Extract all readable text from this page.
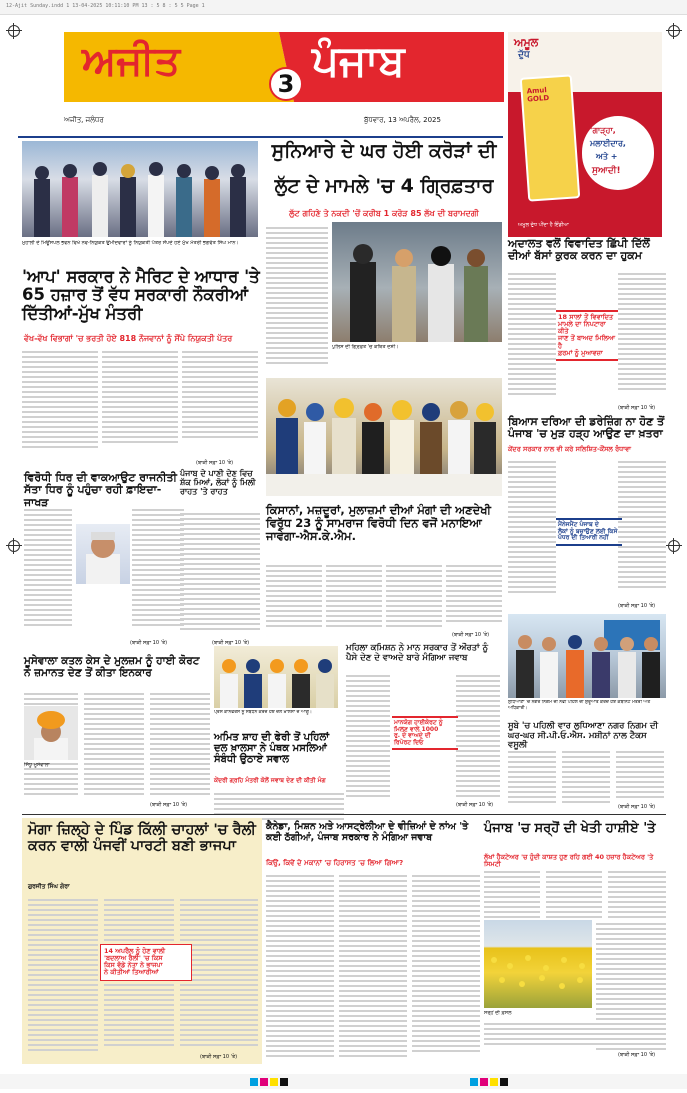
12-Ajit Sunday.indd 1 13-04-2025 10:11:10 PM 13 : 5 8 : 5 5 Page 1
ਅਜੀਤ	ਪੰਜਾਬ
3
ਅਜੀਤ, ਜਲੰਧਰ	ਬੁੱਧਵਾਰ, 13 ਅਪਰੈਲ, 2025
ਅਮੂਲ
ਦੁੱਧ
Amul GOLD
'ਗਾੜ੍ਹਾ,
ਮਲਾਈਦਾਰ,
ਅਤੇ +
ਸੁਆਦੀ!
ਅਮੂਲ ਦੁੱਧ ਪੀਂਦਾ ਹੈ ਇੰਡੀਆ
ਮੁਹਾਲੀ ਦੇ ਮਿਊਂਸਪਲ ਭਵਨ ਵਿਖੇ ਨਵ-ਨਿਯੁਕਤ ਉਮੀਦਵਾਰਾਂ ਨੂੰ ਨਿਯੁਕਤੀ ਪੱਤਰ ਸੌਂਪਦੇ ਹੋਏ ਮੁੱਖ ਮੰਤਰੀ ਭਗਵੰਤ ਸਿੰਘ ਮਾਨ।
'ਆਪ' ਸਰਕਾਰ ਨੇ ਮੈਰਿਟ ਦੇ ਆਧਾਰ 'ਤੇ 65 ਹਜ਼ਾਰ ਤੋਂ ਵੱਧ ਸਰਕਾਰੀ ਨੌਕਰੀਆਂ ਦਿੱਤੀਆਂ-ਮੁੱਖ ਮੰਤਰੀ
ਵੱਖ-ਵੱਖ ਵਿਭਾਗਾਂ 'ਚ ਭਰਤੀ ਹੋਏ 818 ਨੌਜਵਾਨਾਂ ਨੂੰ ਸੌਂਪੇ ਨਿਯੁਕਤੀ ਪੱਤਰ
(ਬਾਕੀ ਸਫ਼ਾ 10 'ਤੇ)
ਸੁਨਿਆਰੇ ਦੇ ਘਰ ਹੋਈ ਕਰੋੜਾਂ ਦੀ
ਲੁੱਟ ਦੇ ਮਾਮਲੇ 'ਚ 4 ਗ੍ਰਿਫ਼ਤਾਰ
ਲੁੱਟ ਗਹਿਣੇ ਤੇ ਨਕਦੀ 'ਚੋਂ ਕਰੀਬ 1 ਕਰੋੜ 85 ਲੱਖ ਦੀ ਬਰਾਮਦਗੀ
ਪੁਲਿਸ ਦੀ ਗ੍ਰਿਫ਼ਤ 'ਚ ਕਥਿਤ ਦੋਸ਼ੀ।
ਅਦਾਲਤ ਵਲੋਂ ਵਿਵਾਦਿਤ ਛਿੱਪੀ ਦਿੱਲੋਂ ਦੀਆਂ ਬੱਸਾਂ ਕੁਰਕ ਕਰਨ ਦਾ ਹੁਕਮ
18 ਸਾਲਾਂ ਤੋਂ ਵਿਵਾਦਿਤ
ਮਾਮਲੇ ਦਾ ਨਿਪਟਾਰਾ ਕੀਤੇ
ਜਾਣ ਤੋਂ ਬਾਅਦ ਮਿਲਿਆ ਹੈ
ਫ਼ਰਮਾਂ ਨੂੰ ਮੁਆਵਜ਼ਾ
(ਬਾਕੀ ਸਫ਼ਾ 10 'ਤੇ)
ਬਿਆਸ ਦਰਿਆ ਦੀ ਡਰੇਜ਼ਿੰਗ ਨਾ ਹੋਣ ਤੋਂ ਪੰਜਾਬ 'ਚ ਮੁੜ ਹੜ੍ਹ ਆਉਣ ਦਾ ਖ਼ਤਰਾ
ਕੇਂਦਰ ਸਰਕਾਰ ਨਾਲ ਵੀ ਕਰੇ ਸਲਿਸ਼ਿਤ-ਕੌਂਸਲ ਰੰਧਾਵਾ
ਮੈਂਨੇਜਮੈਂਟ ਪੰਜਾਬ ਦੇ
ਲੋਕਾਂ ਨੂੰ ਬਚਾਉਣ ਲਈ ਕਿਸੇ
ਪੱਧਰ ਦੀ ਤਿਆਰੀ ਨਹੀਂ
(ਬਾਕੀ ਸਫ਼ਾ 10 'ਤੇ)
ਵਿਰੋਧੀ ਧਿਰ ਦੀ ਵਾਕਆਉਟ ਰਾਜਨੀਤੀ ਸੱਤਾ ਧਿਰ ਨੂੰ ਪਹੁੰਚਾ ਰਹੀ ਫ਼ਾਇਦਾ-ਜਾਖੜ
(ਬਾਕੀ ਸਫ਼ਾ 10 'ਤੇ)
ਪੰਜਾਬ ਦੇ ਪਾਣੀ ਦੇਣ ਵਿਚ ਸ਼ੱਕ ਮਿਆਂ, ਲੋਕਾਂ ਨੂੰ ਮਿਲੀ ਰਾਹਤ 'ਤੇ ਰਾਹਤ
(ਬਾਕੀ ਸਫ਼ਾ 10 'ਤੇ)
ਕਿਸਾਨਾਂ, ਮਜ਼ਦੂਰਾਂ, ਮੁਲਾਜ਼ਮਾਂ ਦੀਆਂ ਮੰਗਾਂ ਦੀ ਅਣਦੇਖੀ ਵਿਰੁੱਧ 23 ਨੂੰ ਸਾਮਰਾਜ ਵਿਰੋਧੀ ਦਿਨ ਵਜੋਂ ਮਨਾਇਆ ਜਾਵੇਗਾ-ਐਸ.ਕੇ.ਐਮ.
(ਬਾਕੀ ਸਫ਼ਾ 10 'ਤੇ)
ਮੂਸੇਵਾਲਾ ਕਤਲ ਕੇਸ ਦੇ ਮੁਲਜ਼ਮ ਨੂੰ ਹਾਈ ਕੋਰਟ ਨੇ ਜ਼ਮਾਨਤ ਦੇਣ ਤੋਂ ਕੀਤਾ ਇਨਕਾਰ
ਸਿੱਧੂ ਮੂਸੇਵਾਲਾ
(ਬਾਕੀ ਸਫ਼ਾ 10 'ਤੇ)
ਪ੍ਰੈਸ ਕਾਨਫਰੰਸ ਨੂੰ ਸੰਬੋਧਨ ਕਰਦੇ ਹੋਏ ਦਲ ਖ਼ਾਲਸਾ ਦੇ ਆਗੂ।
ਅਮਿਤ ਸ਼ਾਹ ਦੀ ਫੇਰੀ ਤੋਂ ਪਹਿਲਾਂ ਦਲ ਖ਼ਾਲਸਾ ਨੇ ਪੰਥਕ ਮਸਲਿਆਂ ਸੰਬੰਧੀ ਉਠਾਏ ਸਵਾਲ
ਕੇਂਦਰੀ ਗ੍ਰਹਿ ਮੰਤਰੀ ਕੋਲੋਂ ਜਵਾਬ ਦੇਣ ਦੀ ਕੀਤੀ ਮੰਗ
ਮਹਿਲਾ ਕਮਿਸ਼ਨ ਨੇ ਮਾਨ ਸਰਕਾਰ ਤੋਂ ਔਰਤਾਂ ਨੂੰ ਪੈਸੇ ਦੇਣ ਦੇ ਵਾਅਦੇ ਬਾਰੇ ਮੰਗਿਆ ਜਵਾਬ
ਮਾਨਯੋਗ ਹਾਈਕੋਰਟ ਨੂੰ
ਮਿਲਣ ਵਾਲੇ 1000
ਰੁ. ਦੇ ਵਾਅਦੇ ਦੀ
ਰਿਪੋਰਟ ਦਿਓ
(ਬਾਕੀ ਸਫ਼ਾ 10 'ਤੇ)
ਲੁਧਿਆਣਾ 'ਚ ਨਗਰ ਨਿਗਮ ਦੀ ਨਵੀਂ ਪਹਿਲ ਦੀ ਸ਼ੁਰੂਆਤ ਕਰਦੇ ਹੋਏ ਕੈਬਨਿਟ ਮੰਤਰੀ ਅਤੇ ਅਧਿਕਾਰੀ।
ਸੂਬੇ 'ਚ ਪਹਿਲੀ ਵਾਰ ਲੁਧਿਆਣਾ ਨਗਰ ਨਿਗਮ ਦੀ ਘਰ-ਘਰ ਸੀ.ਪੀ.ਓ.ਐਸ. ਮਸ਼ੀਨਾਂ ਨਾਲ ਟੈਕਸ ਵਸੂਲੀ
(ਬਾਕੀ ਸਫ਼ਾ 10 'ਤੇ)
ਮੋਗਾ ਜ਼ਿਲ੍ਹੇ ਦੇ ਪਿੰਡ ਕਿੱਲੀ ਚਾਹਲਾਂ 'ਚ ਰੈਲੀ ਕਰਨ ਵਾਲੀ ਪੰਜਵੀਂ ਪਾਰਟੀ ਬਣੀ ਭਾਜਪਾ
ਗੁਰਜੀਤ ਸਿੰਘ ਗੋਰਾ
14 ਅਪਰੈਲ ਨੂੰ ਹੋਣ ਵਾਲੀ
'ਬਦਲਾਅ ਰੈਲੀ' 'ਚ ਕਿਸ
ਕਿਸ ਵੱਡੇ ਨੇਤਾ ਨੇ ਭਾਜਪਾ
ਨੇ ਕੀਤੀਆਂ ਤਿਆਰੀਆਂ
(ਬਾਕੀ ਸਫ਼ਾ 10 'ਤੇ)
ਕੈਨੇਡਾ, ਮਿਸ਼ਨ ਅਤੇ ਆਸਟ੍ਰੇਲੀਆ ਦੇ ਵੀਜ਼ਿਆਂ ਦੇ ਨਾਂਅ 'ਤੇ ਕਈ ਠੱਗੀਆਂ, ਪੰਜਾਬ ਸਰਕਾਰ ਨੇ ਮੰਗਿਆ ਜਵਾਬ
ਕਿਉਂ, ਕਿਵੇਂ ਦੇ ਮਕਾਨਾਂ 'ਚ ਹਿਰਾਸਤ 'ਚ ਲਿਆ ਗਿਆ?
ਪੰਜਾਬ 'ਚ ਸਰ੍ਹੋਂ ਦੀ ਖੇਤੀ ਹਾਸ਼ੀਏ 'ਤੇ
ਲੱਖਾਂ ਹੈਕਟੇਅਰ 'ਚ ਹੁੰਦੀ ਕਾਸ਼ਤ ਹੁਣ ਰਹਿ ਗਈ 40 ਹਜ਼ਾਰ ਹੈਕਟੇਅਰ 'ਤੇ ਸਿਮਟੀ
ਸਰ੍ਹੋਂ ਦੀ ਫ਼ਸਲ
(ਬਾਕੀ ਸਫ਼ਾ 10 'ਤੇ)
